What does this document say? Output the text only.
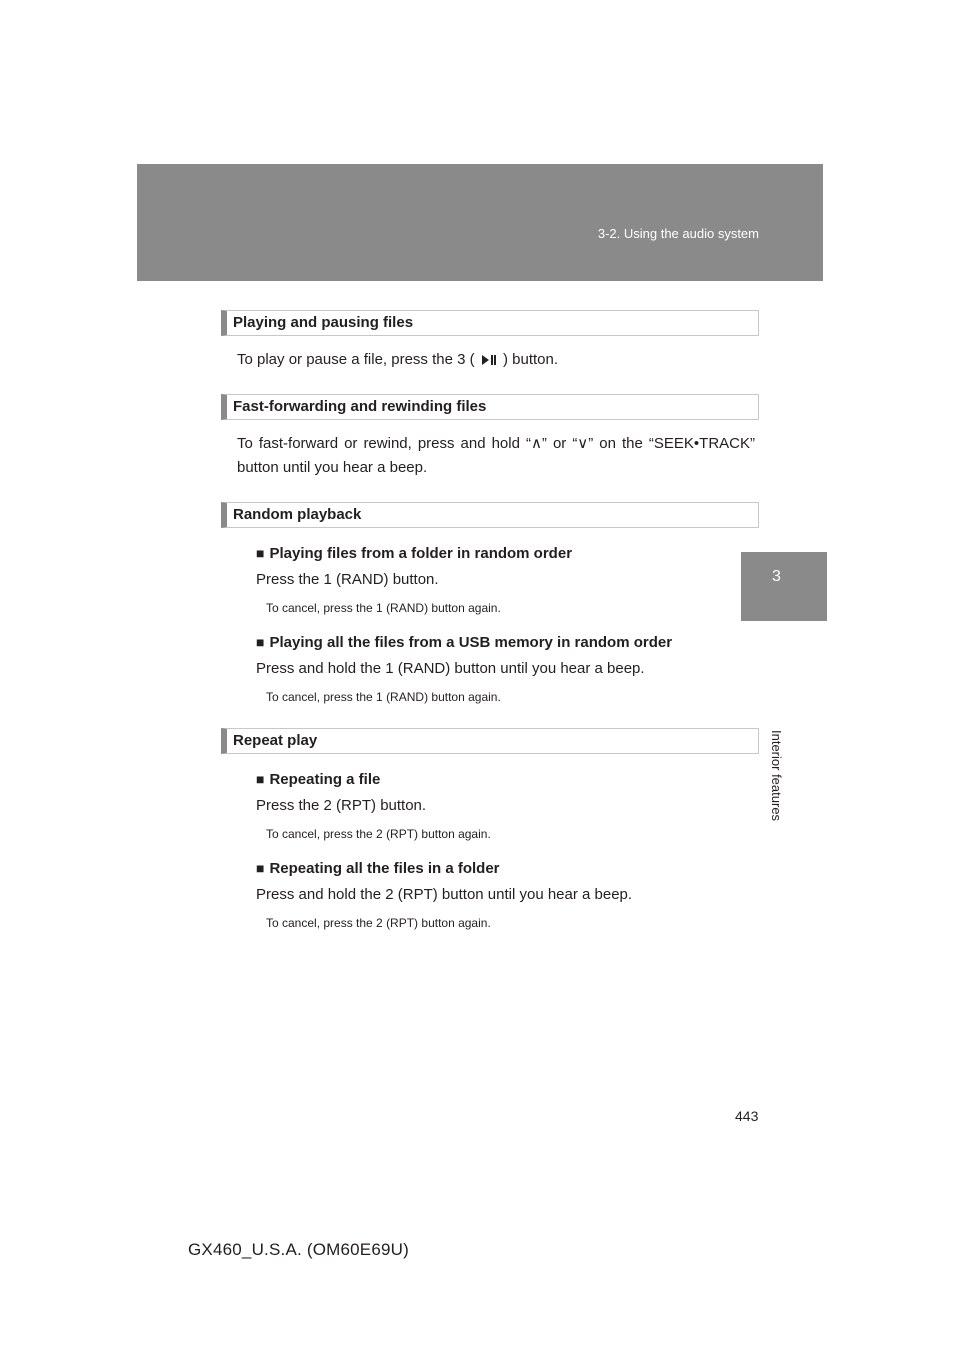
3-2. Using the audio system
3
Interior features
Playing and pausing files
To play or pause a file, press the 3 ( ) button.
Fast-forwarding and rewinding files
To fast-forward or rewind, press and hold “∧” or “∨” on the “SEEK•TRACK” button until you hear a beep.
Random playback
■ Playing files from a folder in random order
Press the 1 (RAND) button.
To cancel, press the 1 (RAND) button again.
■ Playing all the files from a USB memory in random order
Press and hold the 1 (RAND) button until you hear a beep.
To cancel, press the 1 (RAND) button again.
Repeat play
■ Repeating a file
Press the 2 (RPT) button.
To cancel, press the 2 (RPT) button again.
■ Repeating all the files in a folder
Press and hold the 2 (RPT) button until you hear a beep.
To cancel, press the 2 (RPT) button again.
443
GX460_U.S.A. (OM60E69U)
